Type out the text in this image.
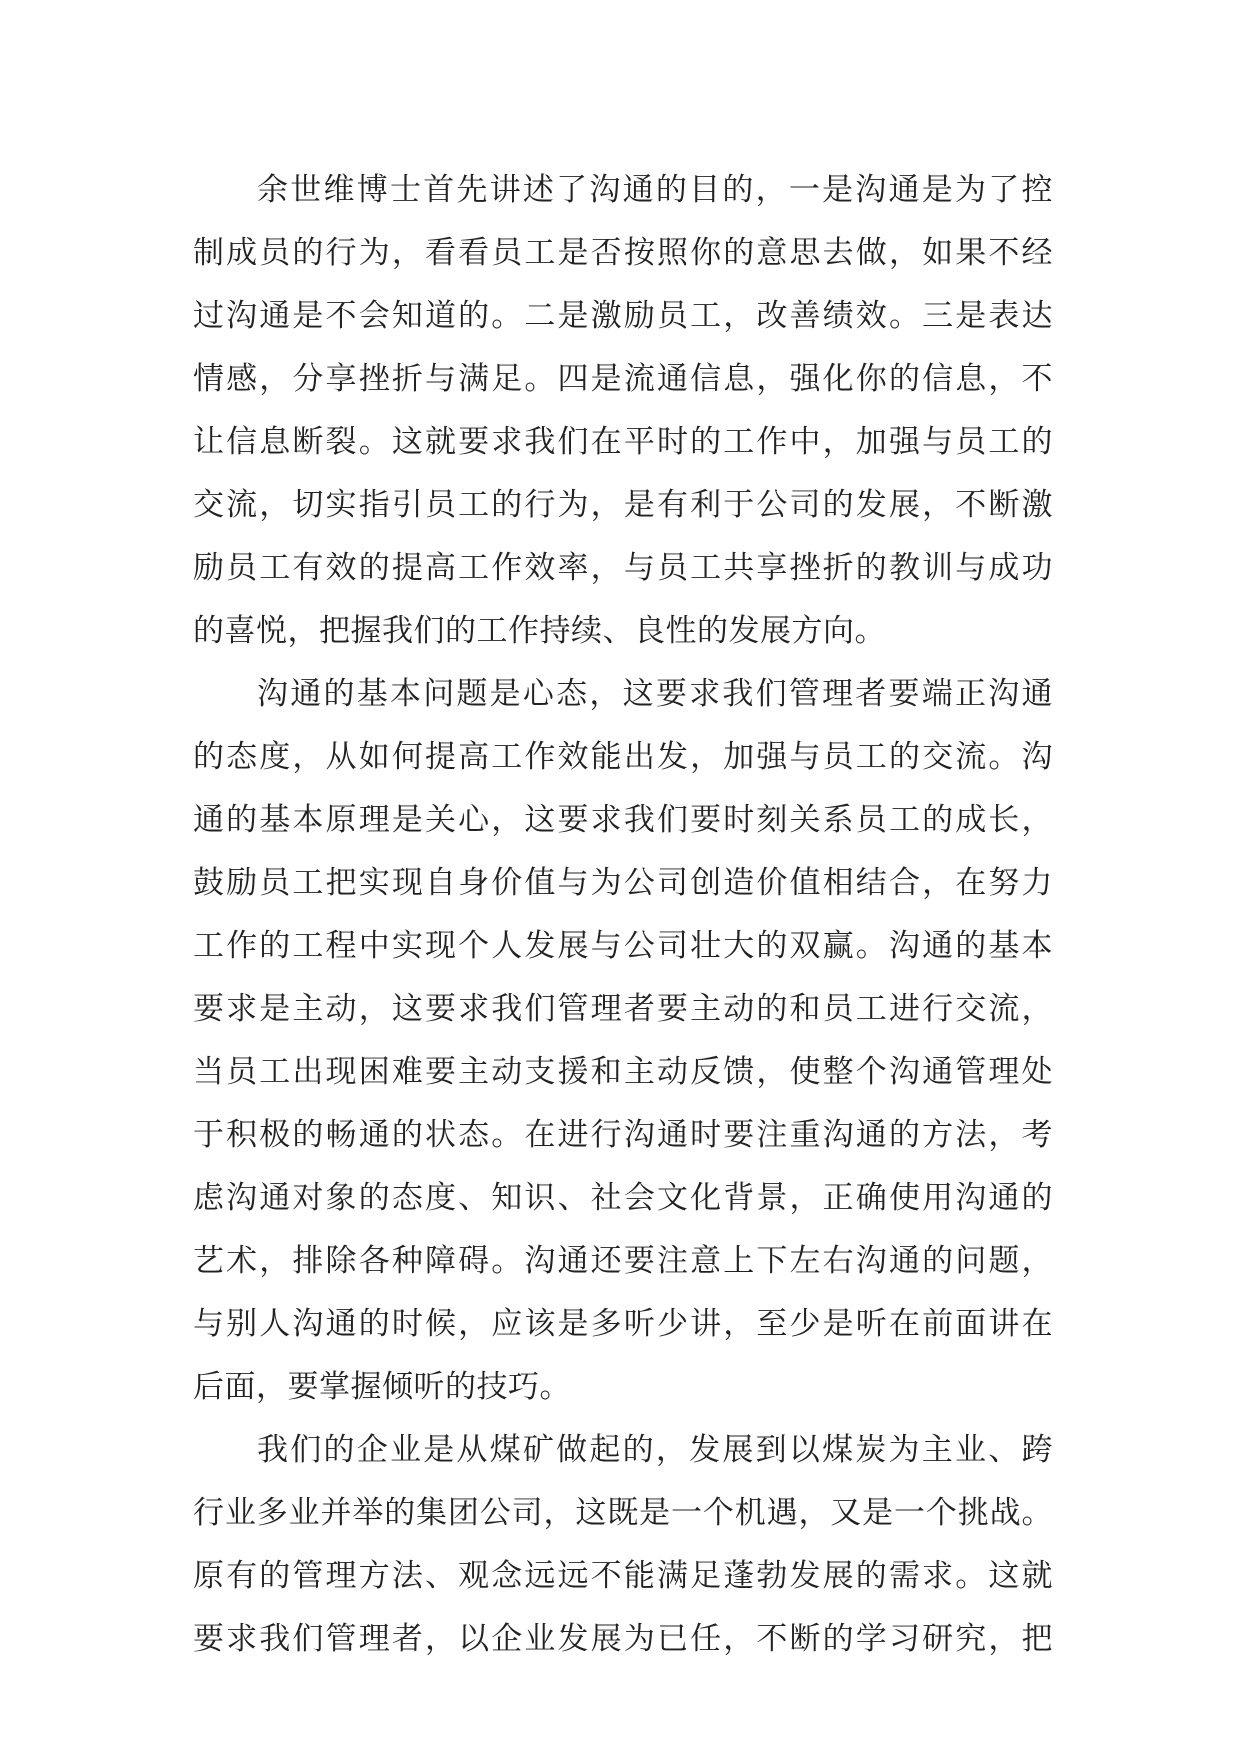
余世维博士首先讲述了沟通的目的，一是沟通是为了控
制成员的行为，看看员工是否按照你的意思去做，如果不经
过沟通是不会知道的。二是激励员工，改善绩效。三是表达
情感，分享挫折与满足。四是流通信息，强化你的信息，不
让信息断裂。这就要求我们在平时的工作中，加强与员工的
交流，切实指引员工的行为，是有利于公司的发展，不断激
励员工有效的提高工作效率，与员工共享挫折的教训与成功
的喜悦，把握我们的工作持续、良性的发展方向。
沟通的基本问题是心态，这要求我们管理者要端正沟通
的态度，从如何提高工作效能出发，加强与员工的交流。沟
通的基本原理是关心，这要求我们要时刻关系员工的成长，
鼓励员工把实现自身价值与为公司创造价值相结合，在努力
工作的工程中实现个人发展与公司壮大的双赢。沟通的基本
要求是主动，这要求我们管理者要主动的和员工进行交流，
当员工出现困难要主动支援和主动反馈，使整个沟通管理处
于积极的畅通的状态。在进行沟通时要注重沟通的方法，考
虑沟通对象的态度、知识、社会文化背景，正确使用沟通的
艺术，排除各种障碍。沟通还要注意上下左右沟通的问题，
与别人沟通的时候，应该是多听少讲，至少是听在前面讲在
后面，要掌握倾听的技巧。
我们的企业是从煤矿做起的，发展到以煤炭为主业、跨
行业多业并举的集团公司，这既是一个机遇，又是一个挑战。
原有的管理方法、观念远远不能满足蓬勃发展的需求。这就
要求我们管理者，以企业发展为已任，不断的学习研究，把
